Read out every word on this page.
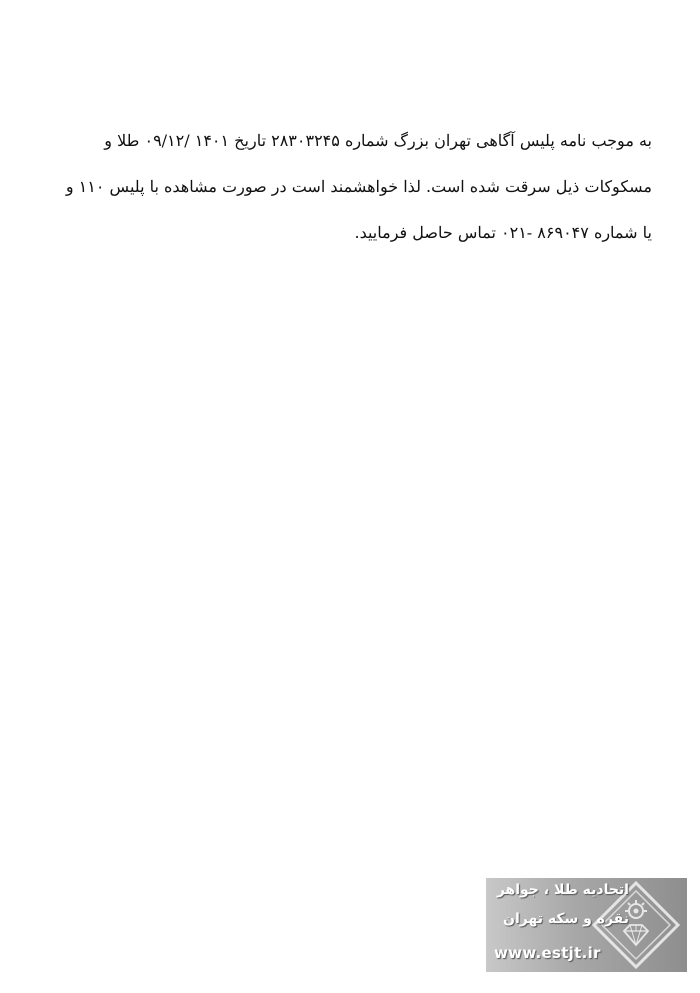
به موجب نامه پلیس آگاهی تهران بزرگ شماره ۲۸۳۰۳۲۴۵ تاریخ ۱۴۰۱ /۰۹/۱۲ طلا و
مسکوکات ذیل سرقت شده است. لذا خواهشمند است در صورت مشاهده با پلیس ۱۱۰ و
یا شماره ۸۶۹۰۴۷ -۰۲۱ تماس حاصل فرمایید.
اتحادیه طلا ، جواهر
نقره و سکه تهران
www.estjt.ir
